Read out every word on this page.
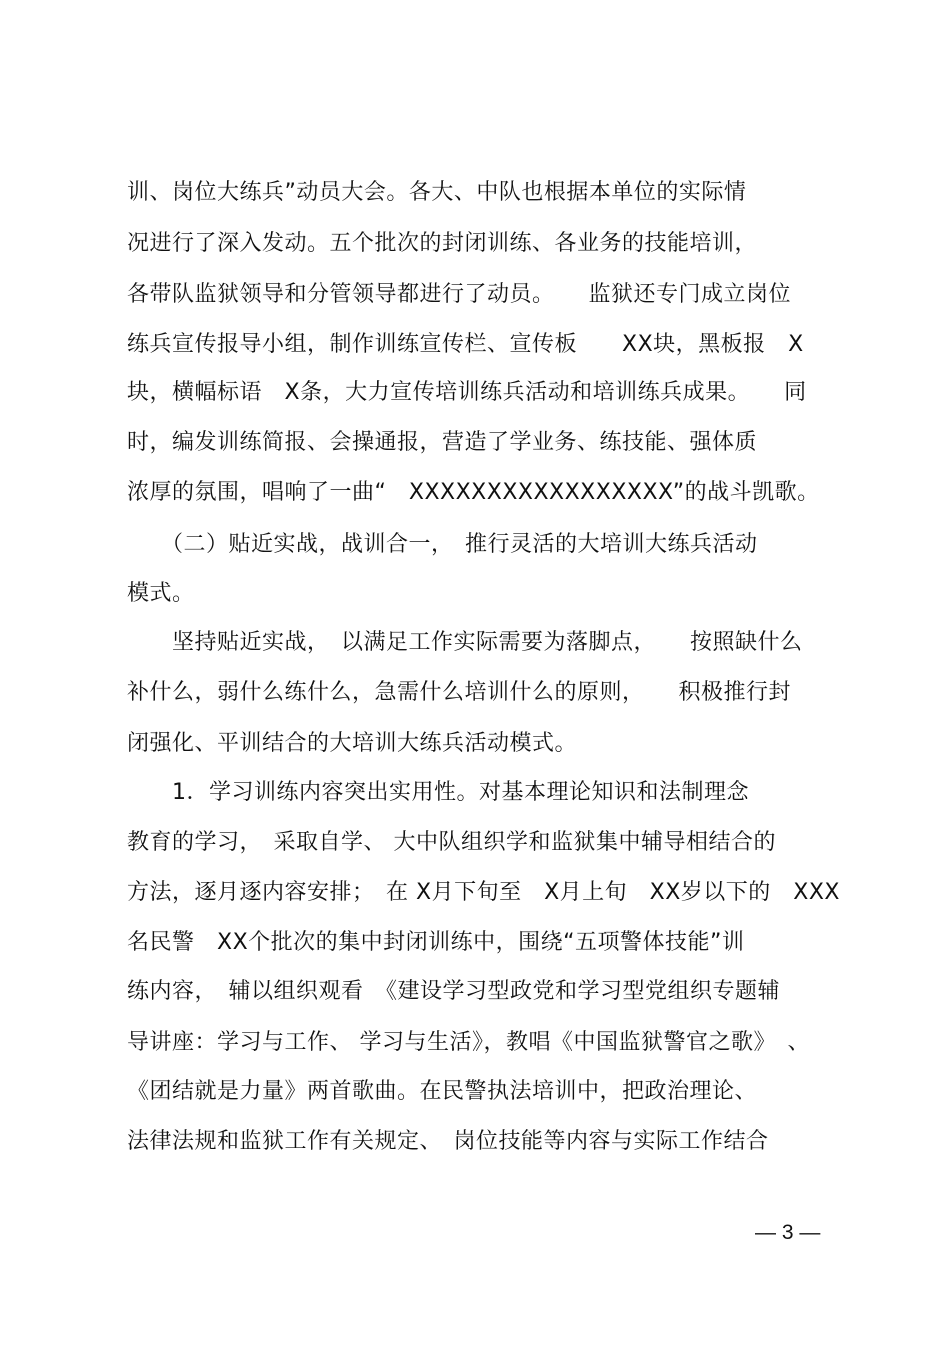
训、岗位大练兵”动员大会。各大、中队也根据本单位的实际情
况进行了深入发动。五个批次的封闭训练、各业务的技能培训，
各带队监狱领导和分管领导都进行了动员。　　监狱还专门成立岗位
练兵宣传报导小组，制作训练宣传栏、宣传板　　XX块，黑板报　X
块，横幅标语　X条，大力宣传培训练兵活动和培训练兵成果。　　同
时，编发训练简报、会操通报，营造了学业务、练技能、强体质
浓厚的氛围，唱响了一曲“　XXXXXXXXXXXXXXXXX”的战斗凯歌。
　　（二）贴近实战，战训合一，　推行灵活的大培训大练兵活动
模式。
　　坚持贴近实战，　以满足工作实际需要为落脚点，　　按照缺什么
补什么，弱什么练什么，急需什么培训什么的原则，　　积极推行封
闭强化、平训结合的大培训大练兵活动模式。
　　1．学习训练内容突出实用性。对基本理论知识和法制理念
教育的学习，　采取自学、 大中队组织学和监狱集中辅导相结合的
方法，逐月逐内容安排；　在 X月下旬至　X月上旬　XX岁以下的　XXX
名民警　XX个批次的集中封闭训练中，围绕“五项警体技能”训
练内容，　辅以组织观看　《建设学习型政党和学习型党组织专题辅
导讲座：学习与工作、 学习与生活》，教唱《中国监狱警官之歌》　、
《团结就是力量》两首歌曲。在民警执法培训中，把政治理论、
法律法规和监狱工作有关规定、　岗位技能等内容与实际工作结合
— 3 —
